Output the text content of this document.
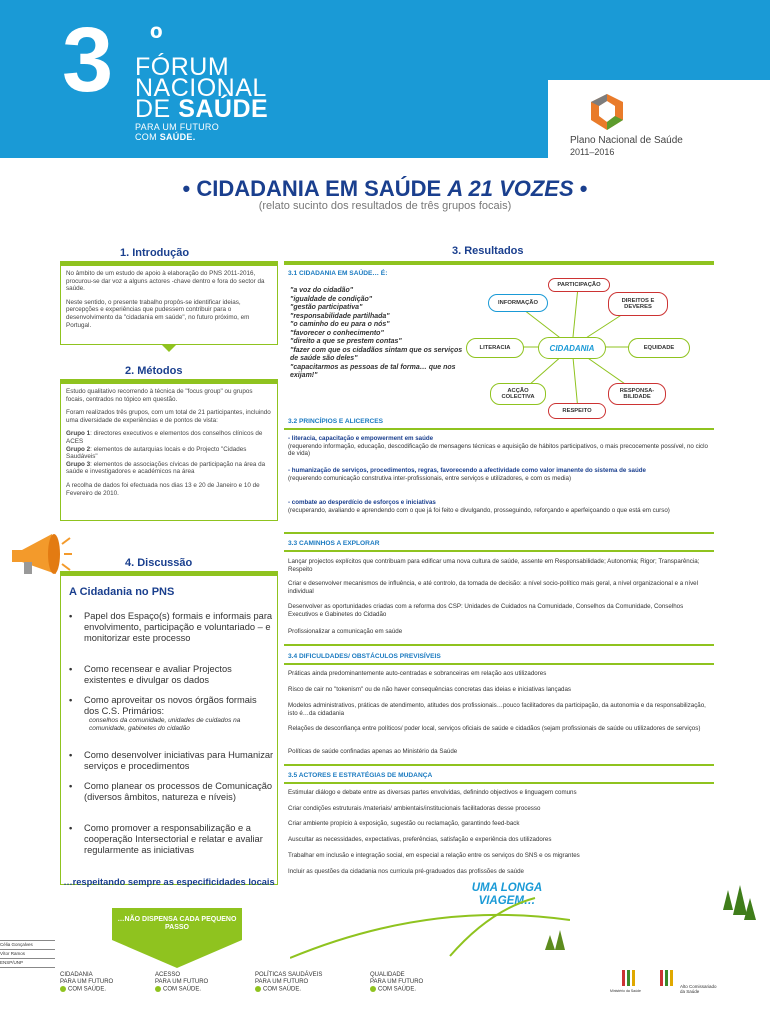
3 º
FÓRUM
NACIONAL
DE SAÚDE
PARA UM FUTURO
COM SAÚDE.	Plano Nacional de Saúde
2011–2016
• CIDADANIA EM SAÚDE A 21 VOZES •
(relato sucinto dos resultados de três grupos focais)
1. Introdução

No âmbito de um estudo de apoio à elaboração do PNS 2011-2016, procurou-se dar voz a alguns actores -chave dentro e fora do sector da saúde.

Neste sentido, o presente trabalho propôs-se identificar ideias, percepções e experiências que pudessem contribuir para o desenvolvimento da "cidadania em saúde", no futuro próximo, em Portugal.

2. Métodos

Estudo qualitativo recorrendo à técnica de "focus group" ou grupos focais, centrados no tópico em questão.

Foram realizados três grupos, com um total de 21 participantes, incluindo uma diversidade de experiências e de pontos de vista:

Grupo 1: directores executivos e elementos dos conselhos clínicos de ACES

Grupo 2: elementos de autarquias locais e do Projecto "Cidades Saudáveis"

Grupo 3: elementos de associações cívicas de participação na área da saúde e investigadores e académicos na área

A recolha de dados foi efectuada nos dias 13 e 20 de Janeiro e 10 de Fevereiro de 2010.

4. Discussão
A Cidadania no PNS
•	Papel dos Espaço(s) formais e informais para envolvimento, participação e voluntariado – e monitorizar este processo
•	Como recensear e avaliar Projectos existentes e divulgar os dados
•	Como aproveitar os novos órgãos formais dos C.S. Primários:
conselhos da comunidade, unidades de cuidados na comunidade, gabinetes do cidadão
•	Como desenvolver iniciativas para Humanizar serviços e procedimentos
•	Como planear os processos de Comunicação (diversos âmbitos, natureza e níveis)
•	Como promover a responsabilização e a cooperação Intersectorial e relatar e avaliar regularmente as iniciativas
…respeitando sempre as especificidades locais
3. Resultados
3.1 CIDADANIA EM SAÚDE… É:
"a voz do cidadão"
"igualdade de condição"
"gestão participativa"
"responsabilidade partilhada"
"o caminho do eu para o nós"
"favorecer o conhecimento"
"direito a que se prestem contas"
"fazer com que os cidadãos sintam que os serviços de saúde são deles"
"capacitarmos as pessoas de tal forma… que nos exijam!"
PARTICIPAÇÃO
INFORMAÇÃO	DIREITOS E DEVERES
LITERACIA	CIDADANIA	EQUIDADE
ACÇÃO COLECTIVA
RESPONSA-BILIDADE
RESPEITO
3.2 PRINCÍPIOS E ALICERCES
- literacia, capacitação e empowerment em saúde
(requerendo informação, educação, descodificação de mensagens técnicas e aquisição de hábitos participativos, o mais precocemente possível, no ciclo de vida)
- humanização de serviços, procedimentos, regras, favorecendo a afectividade como valor imanente do sistema de saúde
(requerendo comunicação construtiva inter-profissionais, entre serviços e utilizadores, e com os media)
- combate ao desperdício de esforços e iniciativas
(recuperando, avaliando e aprendendo com o que já foi feito e divulgando, prosseguindo, reforçando e aperfeiçoando o que está em curso)
3.3 CAMINHOS A EXPLORAR
Lançar projectos explícitos que contribuam para edificar uma nova cultura de saúde, assente em Responsabilidade; Autonomia; Rigor; Transparência; Respeito
Criar e desenvolver mecanismos de influência, e até controlo, da tomada de decisão: a nível socio-político mais geral, a nível organizacional e a nível individual
Desenvolver as oportunidades criadas com a reforma dos CSP: Unidades de Cuidados na Comunidade, Conselhos da Comunidade, Conselhos Executivos e Gabinetes do Cidadão
Profissionalizar a comunicação em saúde
3.4 DIFICULDADES/ OBSTÁCULOS PREVISÍVEIS
Práticas ainda predominantemente auto-centradas e sobranceiras em relação aos utilizadores
Risco de cair no "tokenism" ou de não haver consequências concretas das ideias e iniciativas lançadas
Modelos administrativos, práticas de atendimento, atitudes dos profissionais…pouco facilitadores da participação, da autonomia e da responsabilização, isto é…da cidadania
Relações de desconfiança entre políticos/ poder local, serviços oficiais de saúde e cidadãos (sejam profissionais de saúde ou utilizadores de serviços)
Políticas de saúde confinadas apenas ao Ministério da Saúde
3.5 ACTORES E ESTRATÉGIAS DE MUDANÇA
Estimular diálogo e debate entre as diversas partes envolvidas, definindo objectivos e linguagem comuns
Criar condições estruturais /materiais/ ambientais/institucionais facilitadoras desse processo
Criar ambiente propício à exposição, sugestão ou reclamação, garantindo feed-back
Auscultar as necessidades, expectativas, preferências, satisfação e experiência dos utilizadores
Trabalhar em inclusão e integração social, em especial a relação entre os serviços do SNS e os migrantes
Incluir as questões da cidadania nos curricula pré-graduados das profissões de saúde
UMA LONGA VIAGEM…
…NÃO DISPENSA CADA PEQUENO PASSO
Célia Gonçalves
Vítor Ramos
ENSP/UNP
CIDADANIA
PARA UM FUTURO
COM SAÚDE.
ACESSO
PARA UM FUTURO
COM SAÚDE.
POLÍTICAS SAUDÁVEIS
PARA UM FUTURO
COM SAÚDE.
QUALIDADE
PARA UM FUTURO
COM SAÚDE.	Ministério da Saúde
Alto Comissariado
da Saúde
